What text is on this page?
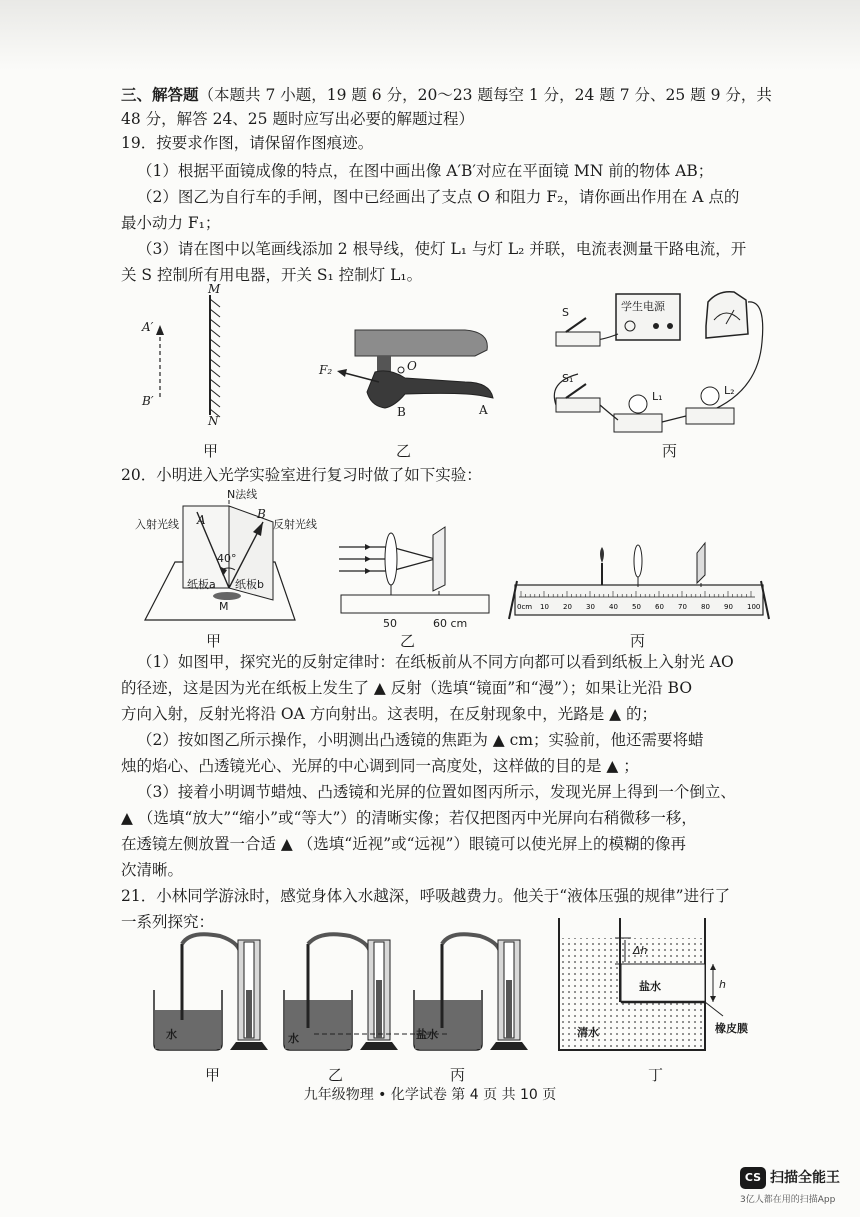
三、解答题（本题共 7 小题，19 题 6 分，20～23 题每空 1 分，24 题 7 分、25 题 9 分，共
48 分，解答 24、25 题时应写出必要的解题过程）
19．按要求作图，请保留作图痕迹。
（1）根据平面镜成像的特点，在图中画出像 A′B′对应在平面镜 MN 前的物体 AB；
（2）图乙为自行车的手闸，图中已经画出了支点 O 和阻力 F₂，请你画出作用在 A 点的
最小动力 F₁；
（3）请在图中以笔画线添加 2 根导线，使灯 L₁ 与灯 L₂ 并联，电流表测量干路电流，开
关 S 控制所有用电器，开关 S₁ 控制灯 L₁。
M
N
A′
B′
F₂	O
A
B
学生电源
S
S₁
L₁	L₂
甲	乙	丙
20．小明进入光学实验室进行复习时做了如下实验：
N法线
入射光线	反射光线
A	B
40°
纸板a 纸板b
M
50	60 cm
0cm 10 20 30 40 50 60 70 80 90 100
甲	乙	丙
（1）如图甲，探究光的反射定律时：在纸板前从不同方向都可以看到纸板上入射光 AO
的径迹，这是因为光在纸板上发生了 ▲ 反射（选填“镜面”和“漫”）；如果让光沿 BO
方向入射，反射光将沿 OA 方向射出。这表明，在反射现象中，光路是 ▲ 的；
（2）按如图乙所示操作，小明测出凸透镜的焦距为 ▲ cm；实验前，他还需要将蜡
烛的焰心、凸透镜光心、光屏的中心调到同一高度处，这样做的目的是 ▲ ；
（3）接着小明调节蜡烛、凸透镜和光屏的位置如图丙所示，发现光屏上得到一个倒立、
▲ （选填“放大”“缩小”或“等大”）的清晰实像；若仅把图丙中光屏向右稍微移一移，
在透镜左侧放置一合适 ▲ （选填“近视”或“远视”）眼镜可以使光屏上的模糊的像再
次清晰。
21．小林同学游泳时，感觉身体入水越深，呼吸越费力。他关于“液体压强的规律”进行了
一系列探究：
水	水	盐水
Δh
h
盐水
清水	橡皮膜
甲	乙	丙	丁
九年级物理 • 化学试卷 第 4 页 共 10 页
CS 扫描全能王
3亿人都在用的扫描App
